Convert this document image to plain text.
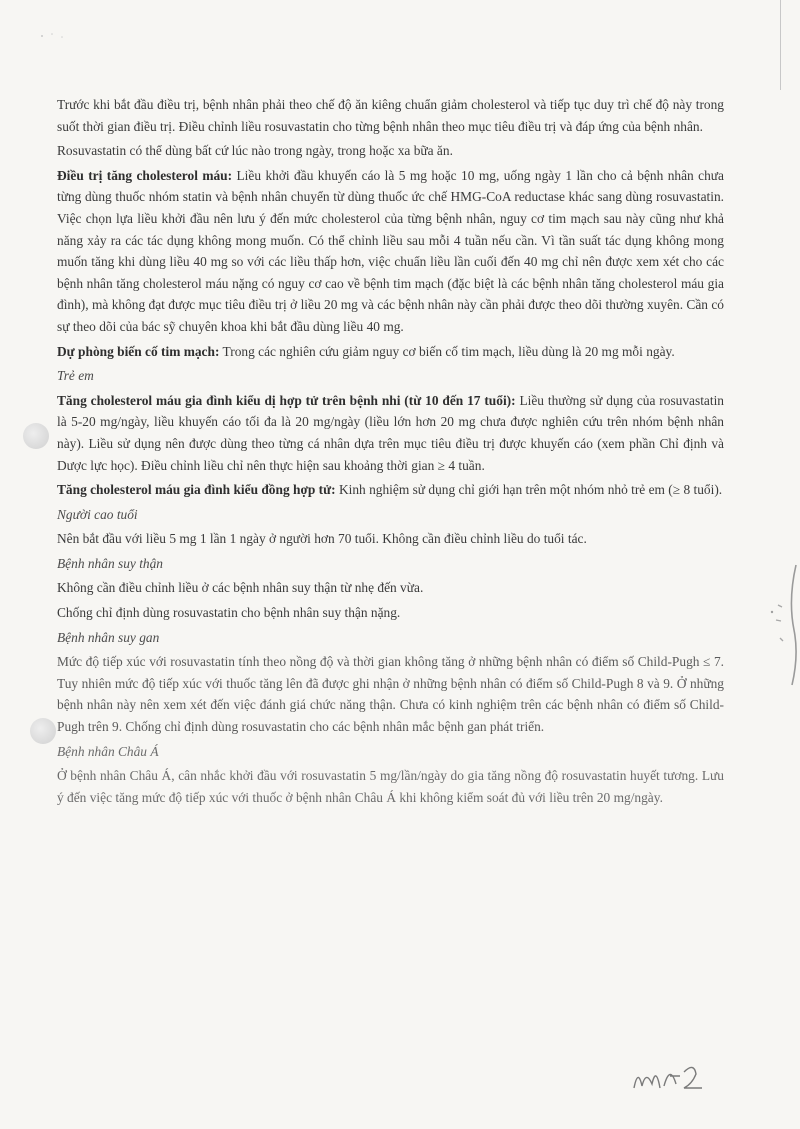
Trước khi bắt đầu điều trị, bệnh nhân phải theo chế độ ăn kiêng chuẩn giảm cholesterol và tiếp tục duy trì chế độ này trong suốt thời gian điều trị. Điều chỉnh liều rosuvastatin cho từng bệnh nhân theo mục tiêu điều trị và đáp ứng của bệnh nhân.

Rosuvastatin có thể dùng bất cứ lúc nào trong ngày, trong hoặc xa bữa ăn.

Điều trị tăng cholesterol máu: Liều khởi đầu khuyến cáo là 5 mg hoặc 10 mg, uống ngày 1 lần cho cả bệnh nhân chưa từng dùng thuốc nhóm statin và bệnh nhân chuyển từ dùng thuốc ức chế HMG-CoA reductase khác sang dùng rosuvastatin. Việc chọn lựa liều khởi đầu nên lưu ý đến mức cholesterol của từng bệnh nhân, nguy cơ tim mạch sau này cũng như khả năng xảy ra các tác dụng không mong muốn. Có thể chỉnh liều sau mỗi 4 tuần nếu cần. Vì tần suất tác dụng không mong muốn tăng khi dùng liều 40 mg so với các liều thấp hơn, việc chuẩn liều lần cuối đến 40 mg chỉ nên được xem xét cho các bệnh nhân tăng cholesterol máu nặng có nguy cơ cao về bệnh tim mạch (đặc biệt là các bệnh nhân tăng cholesterol máu gia đình), mà không đạt được mục tiêu điều trị ở liều 20 mg và các bệnh nhân này cần phải được theo dõi thường xuyên. Cần có sự theo dõi của bác sỹ chuyên khoa khi bắt đầu dùng liều 40 mg.

Dự phòng biến cố tim mạch: Trong các nghiên cứu giảm nguy cơ biến cố tim mạch, liều dùng là 20 mg mỗi ngày.

Trẻ em

Tăng cholesterol máu gia đình kiểu dị hợp tử trên bệnh nhi (từ 10 đến 17 tuổi): Liều thường sử dụng của rosuvastatin là 5-20 mg/ngày, liều khuyến cáo tối đa là 20 mg/ngày (liều lớn hơn 20 mg chưa được nghiên cứu trên nhóm bệnh nhân này). Liều sử dụng nên được dùng theo từng cá nhân dựa trên mục tiêu điều trị được khuyến cáo (xem phần Chỉ định và Dược lực học). Điều chỉnh liều chỉ nên thực hiện sau khoảng thời gian ≥ 4 tuần.

Tăng cholesterol máu gia đình kiểu đồng hợp tử: Kinh nghiệm sử dụng chỉ giới hạn trên một nhóm nhỏ trẻ em (≥ 8 tuổi).

Người cao tuổi

Nên bắt đầu với liều 5 mg 1 lần 1 ngày ở người hơn 70 tuổi. Không cần điều chỉnh liều do tuổi tác.

Bệnh nhân suy thận

Không cần điều chỉnh liều ở các bệnh nhân suy thận từ nhẹ đến vừa.

Chống chỉ định dùng rosuvastatin cho bệnh nhân suy thận nặng.

Bệnh nhân suy gan

Mức độ tiếp xúc với rosuvastatin tính theo nồng độ và thời gian không tăng ở những bệnh nhân có điểm số Child-Pugh ≤ 7. Tuy nhiên mức độ tiếp xúc với thuốc tăng lên đã được ghi nhận ở những bệnh nhân có điểm số Child-Pugh 8 và 9. Ở những bệnh nhân này nên xem xét đến việc đánh giá chức năng thận. Chưa có kinh nghiệm trên các bệnh nhân có điểm số Child-Pugh trên 9. Chống chỉ định dùng rosuvastatin cho các bệnh nhân mắc bệnh gan phát triển.

Bệnh nhân Châu Á

Ở bệnh nhân Châu Á, cân nhắc khởi đầu với rosuvastatin 5 mg/lần/ngày do gia tăng nồng độ rosuvastatin huyết tương. Lưu ý đến việc tăng mức độ tiếp xúc với thuốc ở bệnh nhân Châu Á khi không kiểm soát đủ với liều trên 20 mg/ngày.
